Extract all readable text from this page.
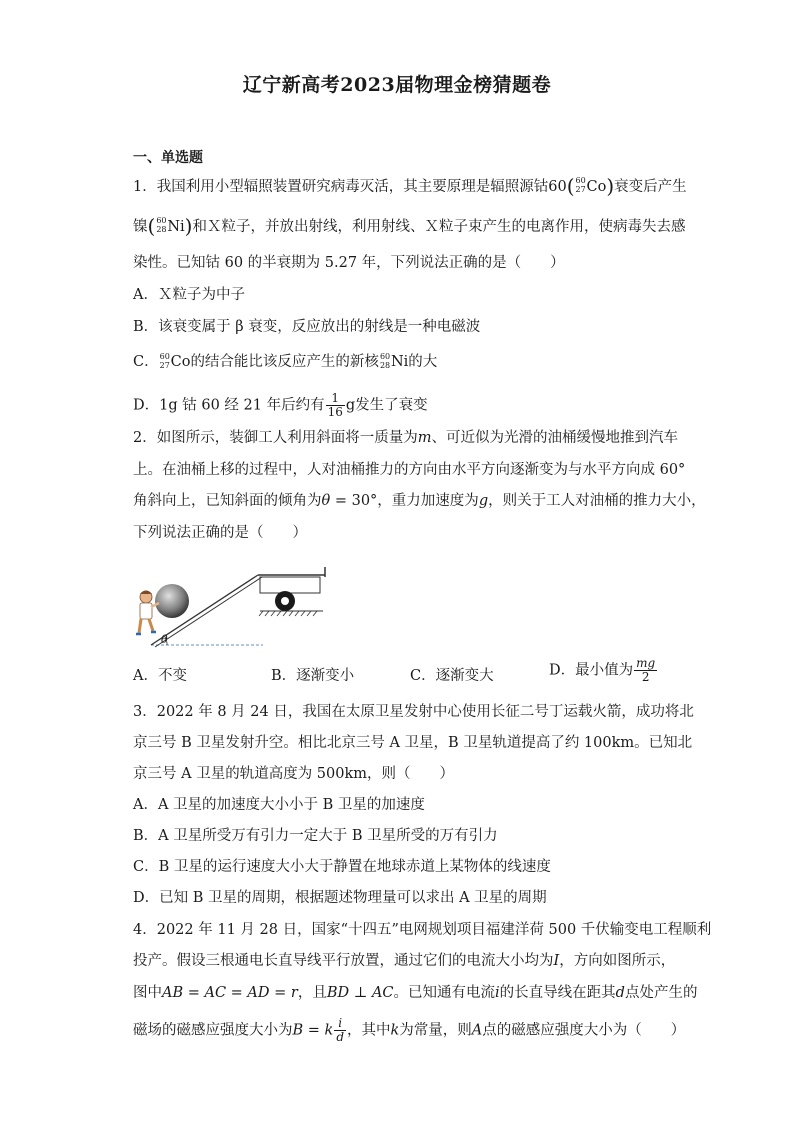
辽宁新高考2023届物理金榜猜题卷
一、单选题
1．我国利用小型辐照装置研究病毒灭活，其主要原理是辐照源钴60( 60
27 Co)衰变后产生
镍( 60
28 Ni)和Ｘ粒子，并放出射线，利用射线、Ｘ粒子束产生的电离作用，使病毒失去感
染性。已知钴 60 的半衰期为 5.27 年，下列说法正确的是（　　）
A．Ｘ粒子为中子
B．该衰变属于 β 衰变，反应放出的射线是一种电磁波
C． 60
27 Co的结合能比该反应产生的新核 60
28 Ni的大
D．1g 钴 60 经 21 年后约有 $\frac{1}{16}$ g发生了衰变
2．如图所示，装御工人利用斜面将一质量为m、可近似为光滑的油桶缓慢地推到汽车
上。在油桶上移的过程中，人对油桶推力的方向由水平方向逐渐变为与水平方向成 60°
角斜向上，已知斜面的倾角为θ = 30°，重力加速度为g，则关于工人对油桶的推力大小，
下列说法正确的是（　　）
θ
A．不变	B．逐渐变小	C．逐渐变大	D．最小值为 $\frac{mg}{2}$
3．2022 年 8 月 24 日，我国在太原卫星发射中心使用长征二号丁运载火箭，成功将北
京三号 B 卫星发射升空。相比北京三号 A 卫星，B 卫星轨道提高了约 100km。已知北
京三号 A 卫星的轨道高度为 500km，则（　　）
A．A 卫星的加速度大小小于 B 卫星的加速度
B．A 卫星所受万有引力一定大于 B 卫星所受的万有引力
C．B 卫星的运行速度大小大于静置在地球赤道上某物体的线速度
D．已知 B 卫星的周期，根据题述物理量可以求出 A 卫星的周期
4．2022 年 11 月 28 日，国家“十四五”电网规划项目福建洋荷 500 千伏输变电工程顺利
投产。假设三根通电长直导线平行放置，通过它们的电流大小均为I，方向如图所示，
图中AB = AC = AD = r，且BD ⊥ AC。已知通有电流i的长直导线在距其d点处产生的
磁场的磁感应强度大小为B = k $\frac{i}{d}$ ，其中k为常量，则A点的磁感应强度大小为（　　）
